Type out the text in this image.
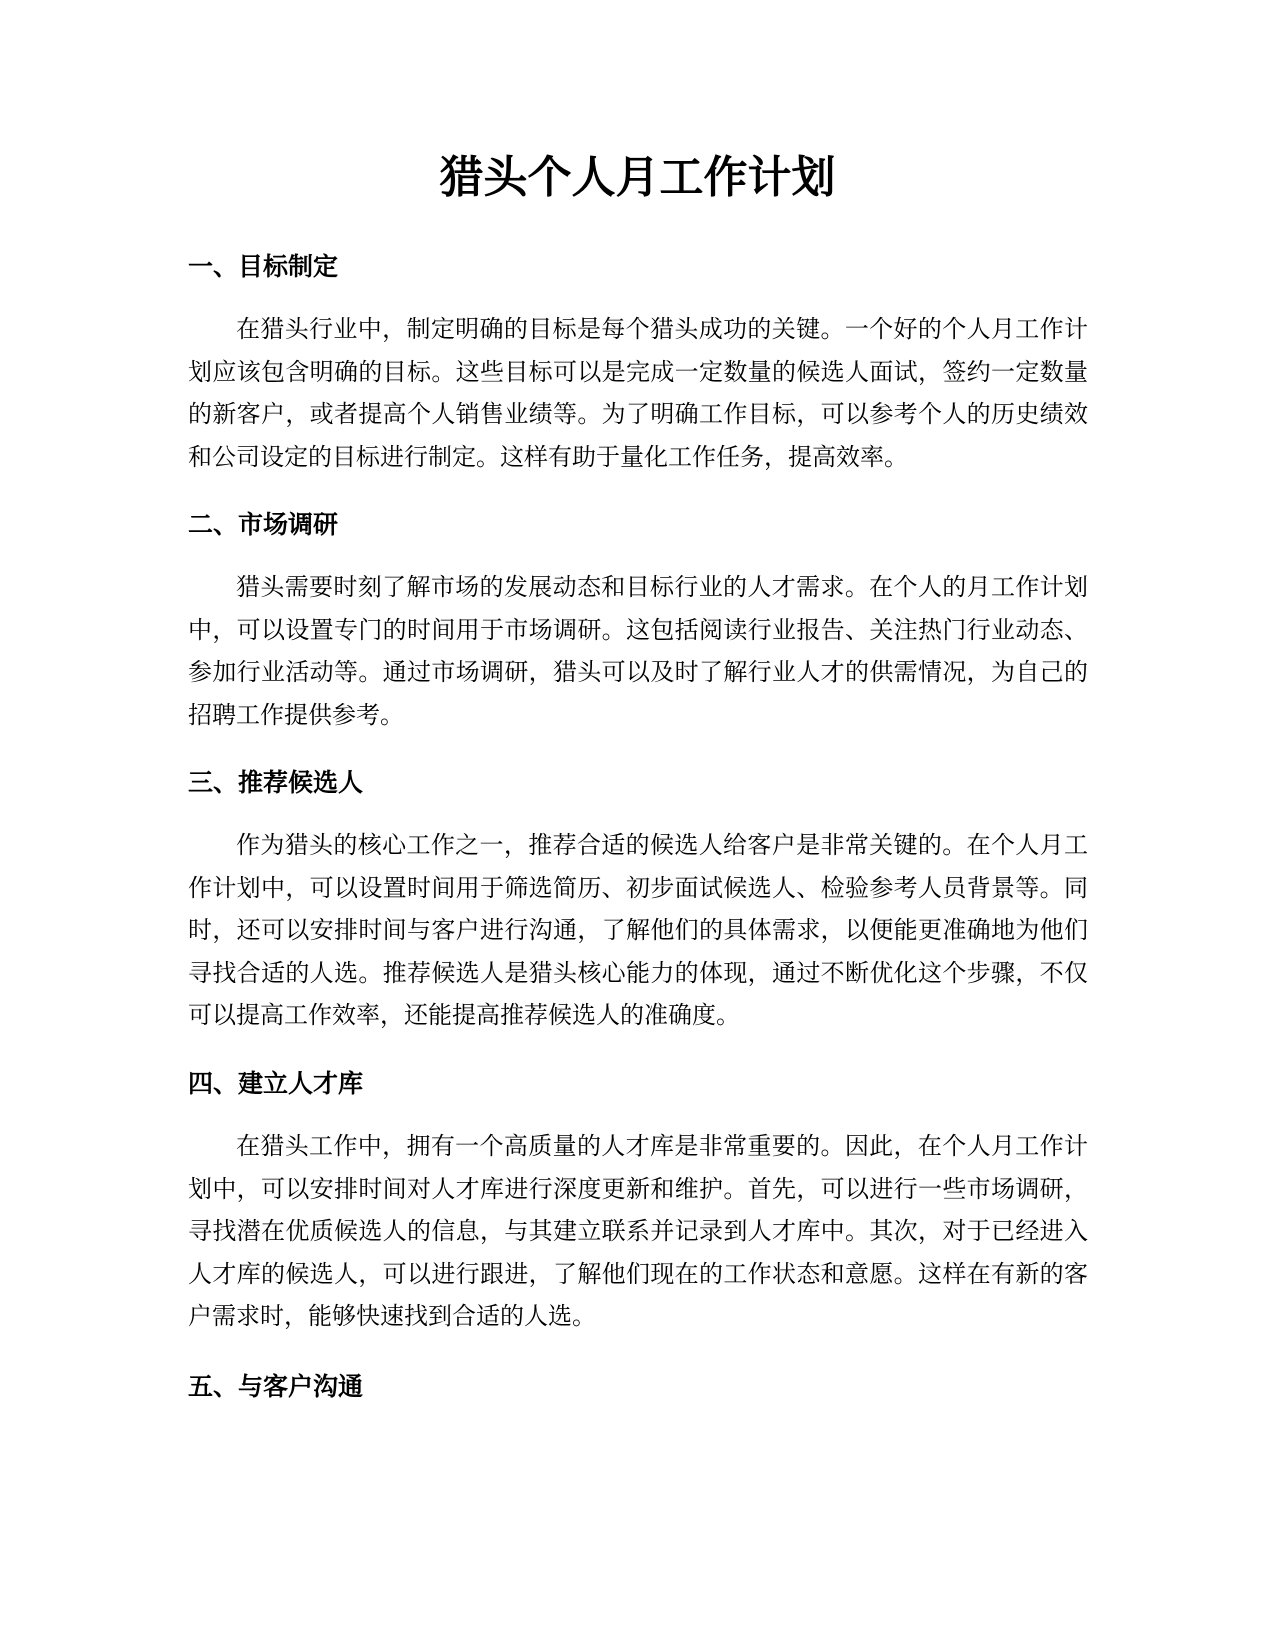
猎头个人月工作计划
一、目标制定

在猎头行业中，制定明确的目标是每个猎头成功的关键。一个好的个人月工作计划应该包含明确的目标。这些目标可以是完成一定数量的候选人面试，签约一定数量的新客户，或者提高个人销售业绩等。为了明确工作目标，可以参考个人的历史绩效和公司设定的目标进行制定。这样有助于量化工作任务，提高效率。

二、市场调研

猎头需要时刻了解市场的发展动态和目标行业的人才需求。在个人的月工作计划中，可以设置专门的时间用于市场调研。这包括阅读行业报告、关注热门行业动态、参加行业活动等。通过市场调研，猎头可以及时了解行业人才的供需情况，为自己的招聘工作提供参考。

三、推荐候选人

作为猎头的核心工作之一，推荐合适的候选人给客户是非常关键的。在个人月工作计划中，可以设置时间用于筛选简历、初步面试候选人、检验参考人员背景等。同时，还可以安排时间与客户进行沟通，了解他们的具体需求，以便能更准确地为他们寻找合适的人选。推荐候选人是猎头核心能力的体现，通过不断优化这个步骤，不仅可以提高工作效率，还能提高推荐候选人的准确度。

四、建立人才库

在猎头工作中，拥有一个高质量的人才库是非常重要的。因此，在个人月工作计划中，可以安排时间对人才库进行深度更新和维护。首先，可以进行一些市场调研，寻找潜在优质候选人的信息，与其建立联系并记录到人才库中。其次，对于已经进入人才库的候选人，可以进行跟进，了解他们现在的工作状态和意愿。这样在有新的客户需求时，能够快速找到合适的人选。

五、与客户沟通
